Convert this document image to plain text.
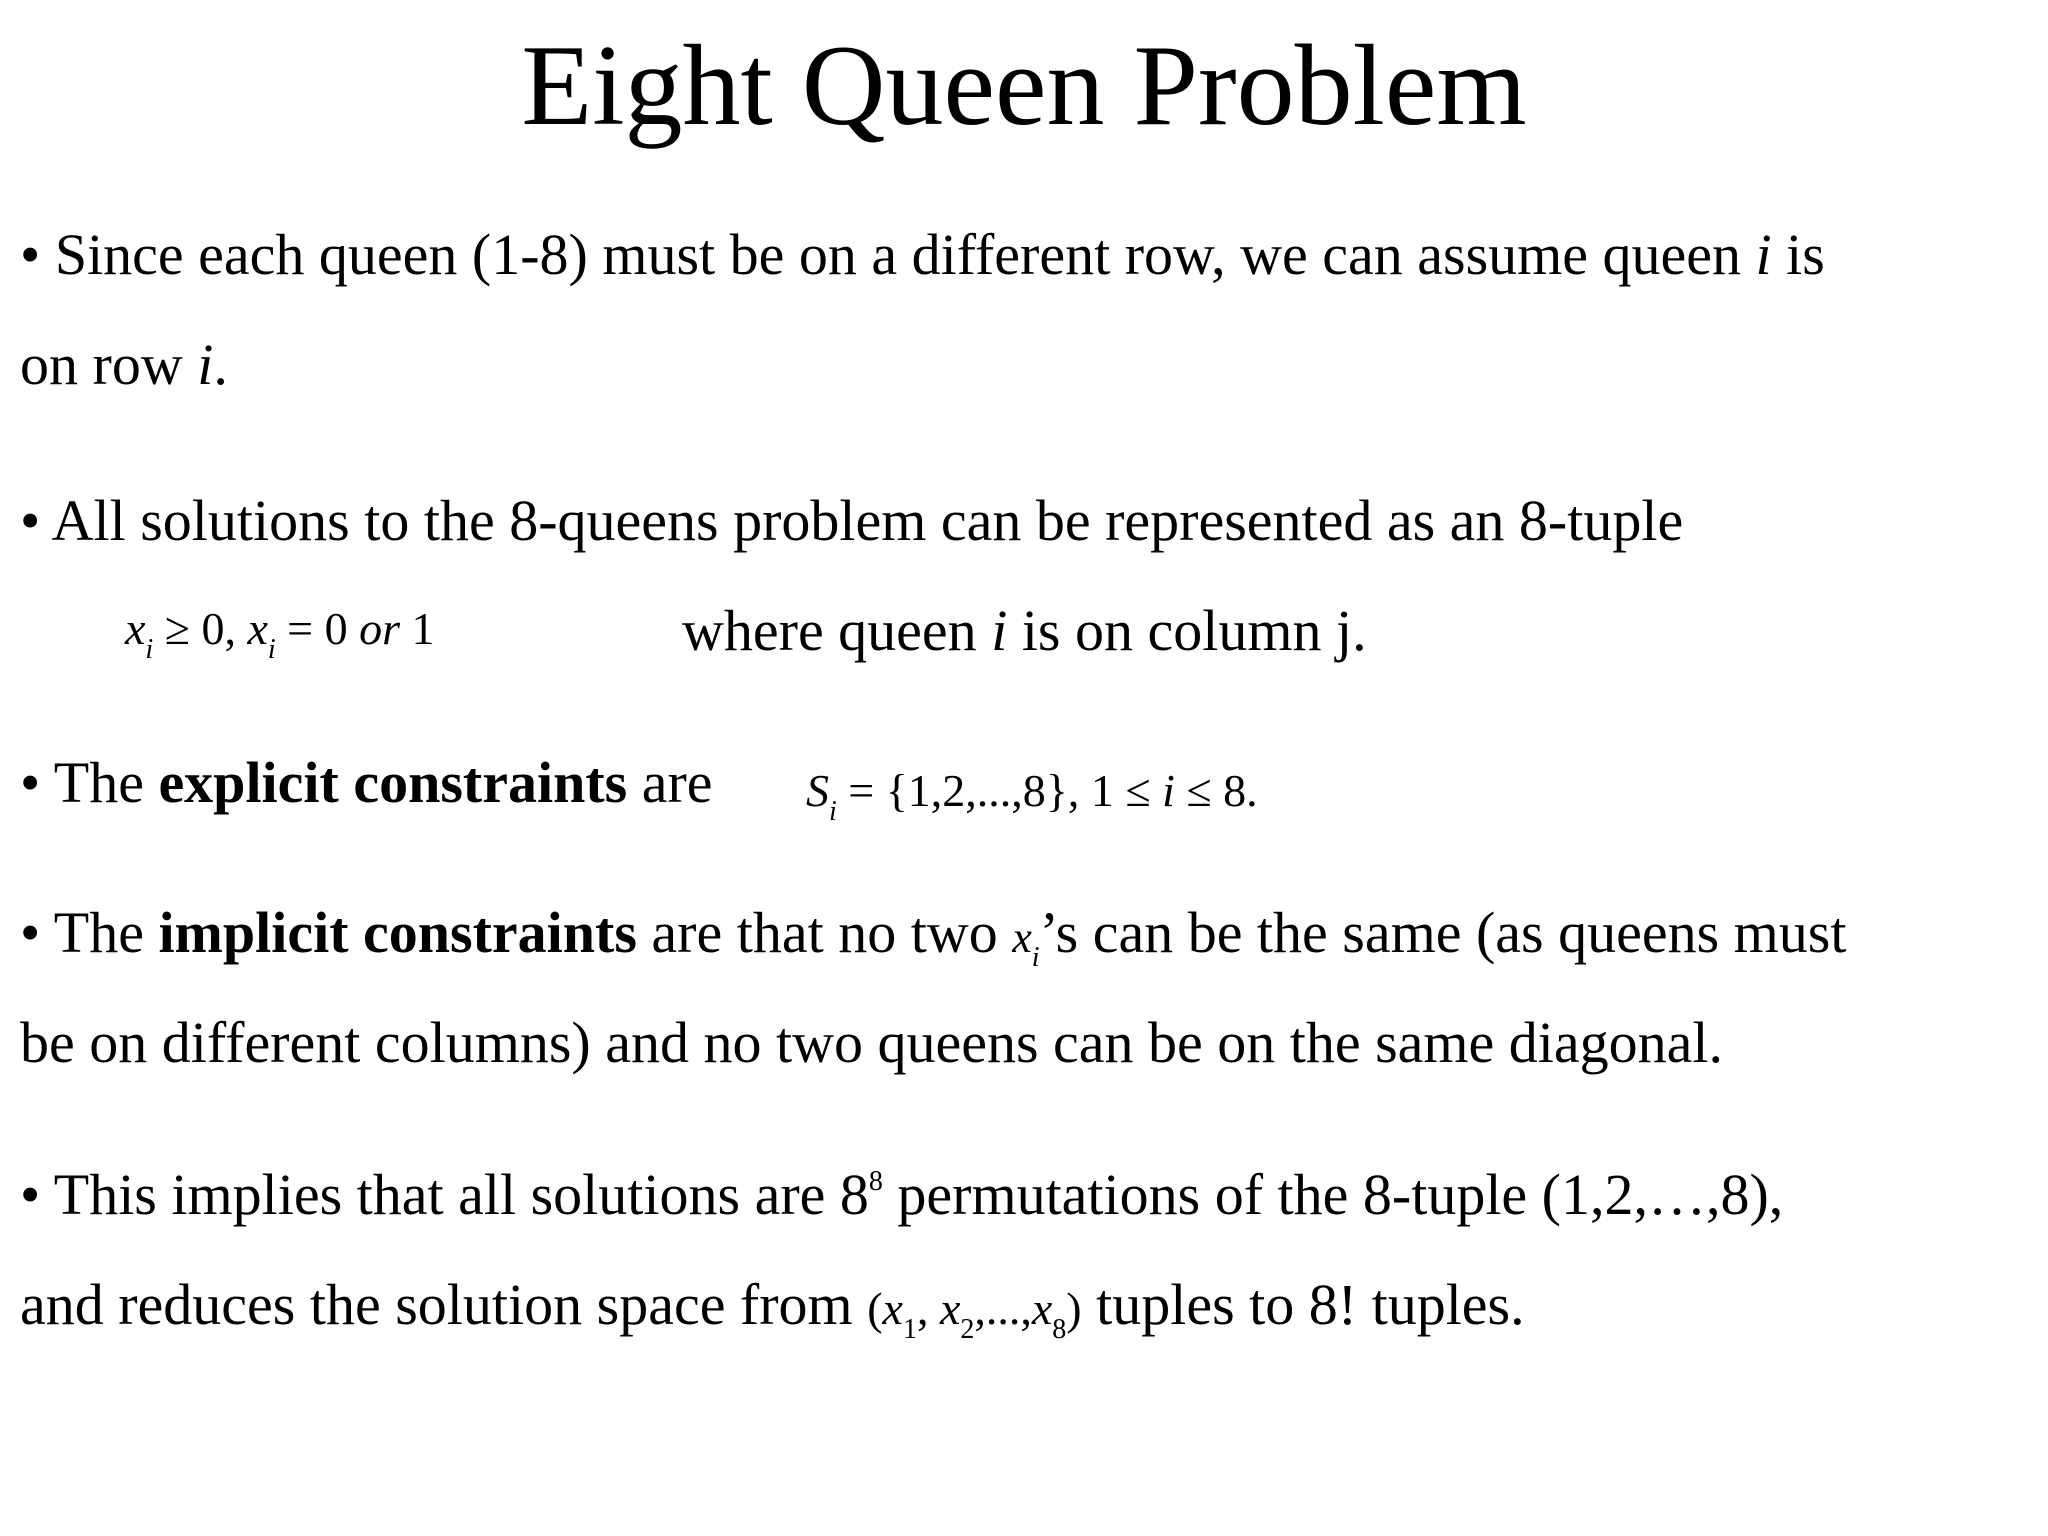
Eight Queen Problem
• Since each queen (1-8) must be on a different row, we can assume queen i is
on row i.
• All solutions to the 8-queens problem can be represented as an 8-tuple
$x_i \ge 0$, $x_i = 0$ or 1	where queen i is on column j.
• The explicit constraints are $S_i = \{1,2,...,8\}$, 1 ≤ i ≤ 8.
• The implicit constraints are that no two $x_i’s$ can be the same (as queens must
be on different columns) and no two queens can be on the same diagonal.
• This implies that all solutions are $8^8$ permutations of the 8-tuple (1,2,…,8),
and reduces the solution space from ($x_1$, $x_2,...,x_8$) tuples to 8! tuples.
